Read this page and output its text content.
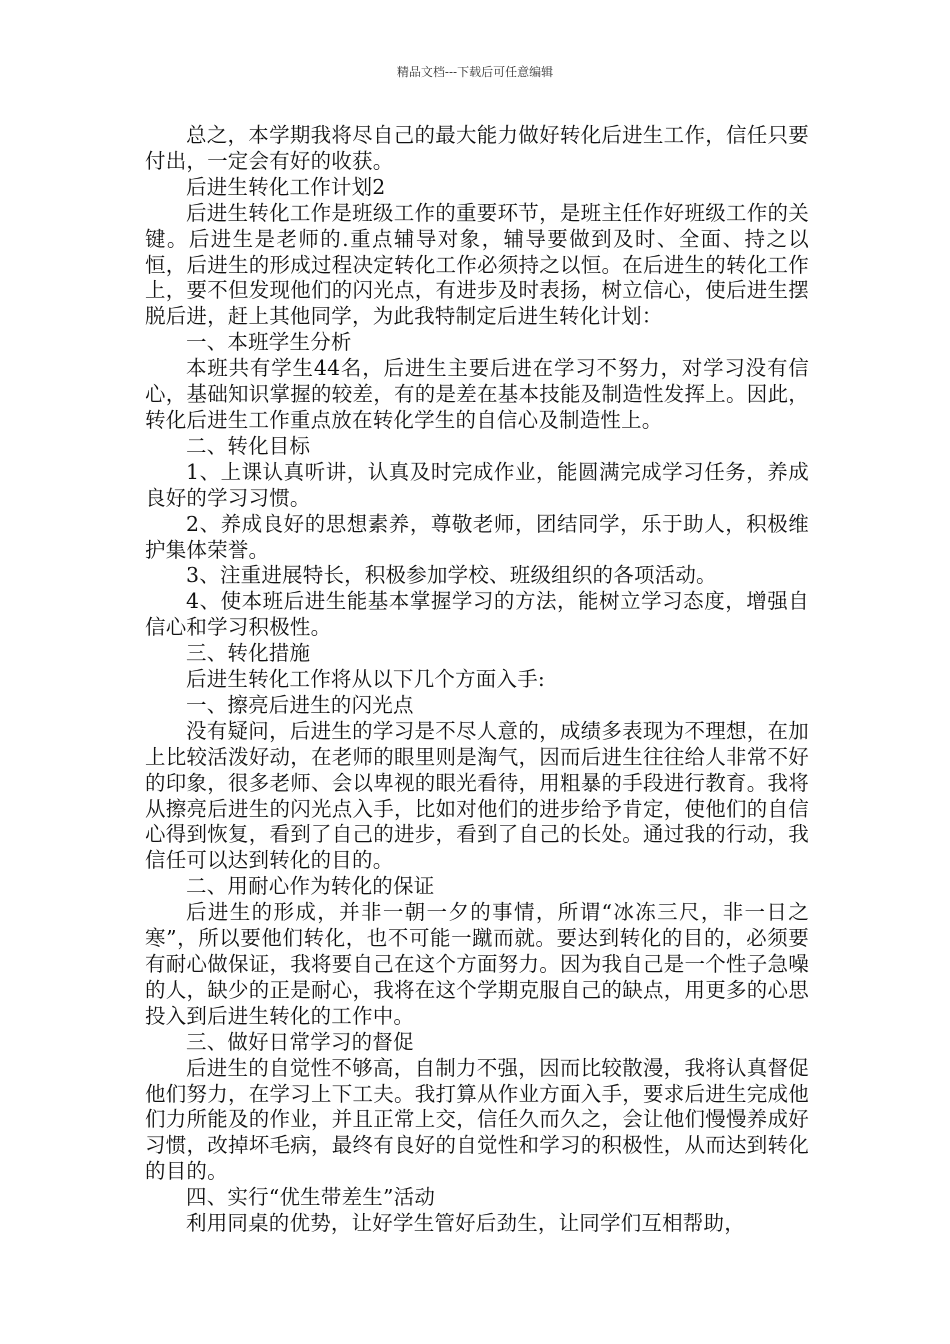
精品文档---下载后可任意编辑

总之，本学期我将尽自己的最大能力做好转化后进生工作，信任只要付出，一定会有好的收获。

后进生转化工作计划2

后进生转化工作是班级工作的重要环节，是班主任作好班级工作的关键。后进生是老师的.重点辅导对象，辅导要做到及时、全面、持之以恒，后进生的形成过程决定转化工作必须持之以恒。在后进生的转化工作上，要不但发现他们的闪光点，有进步及时表扬，树立信心，使后进生摆脱后进，赶上其他同学，为此我特制定后进生转化计划：

一、本班学生分析

本班共有学生44名，后进生主要后进在学习不努力，对学习没有信心，基础知识掌握的较差，有的是差在基本技能及制造性发挥上。因此，转化后进生工作重点放在转化学生的自信心及制造性上。

二、转化目标

1、上课认真听讲，认真及时完成作业，能圆满完成学习任务，养成良好的学习习惯。

2、养成良好的思想素养，尊敬老师，团结同学，乐于助人，积极维护集体荣誉。

3、注重进展特长，积极参加学校、班级组织的各项活动。

4、使本班后进生能基本掌握学习的方法，能树立学习态度，增强自信心和学习积极性。

三、转化措施

后进生转化工作将从以下几个方面入手:

一、擦亮后进生的闪光点

没有疑问，后进生的学习是不尽人意的，成绩多表现为不理想，在加上比较活泼好动，在老师的眼里则是淘气，因而后进生往往给人非常不好的印象，很多老师、会以卑视的眼光看待，用粗暴的手段进行教育。我将从擦亮后进生的闪光点入手，比如对他们的进步给予肯定，使他们的自信心得到恢复，看到了自己的进步，看到了自己的长处。通过我的行动，我信任可以达到转化的目的。

二、用耐心作为转化的保证

后进生的形成，并非一朝一夕的事情，所谓“冰冻三尺，非一日之寒”，所以要他们转化，也不可能一蹴而就。要达到转化的目的，必须要有耐心做保证，我将要自己在这个方面努力。因为我自己是一个性子急噪的人，缺少的正是耐心，我将在这个学期克服自己的缺点，用更多的心思投入到后进生转化的工作中。

三、做好日常学习的督促

后进生的自觉性不够高，自制力不强，因而比较散漫，我将认真督促他们努力，在学习上下工夫。我打算从作业方面入手，要求后进生完成他们力所能及的作业，并且正常上交，信任久而久之，会让他们慢慢养成好习惯，改掉坏毛病，最终有良好的自觉性和学习的积极性，从而达到转化的目的。

四、实行“优生带差生”活动

利用同桌的优势，让好学生管好后劲生，让同学们互相帮助，
